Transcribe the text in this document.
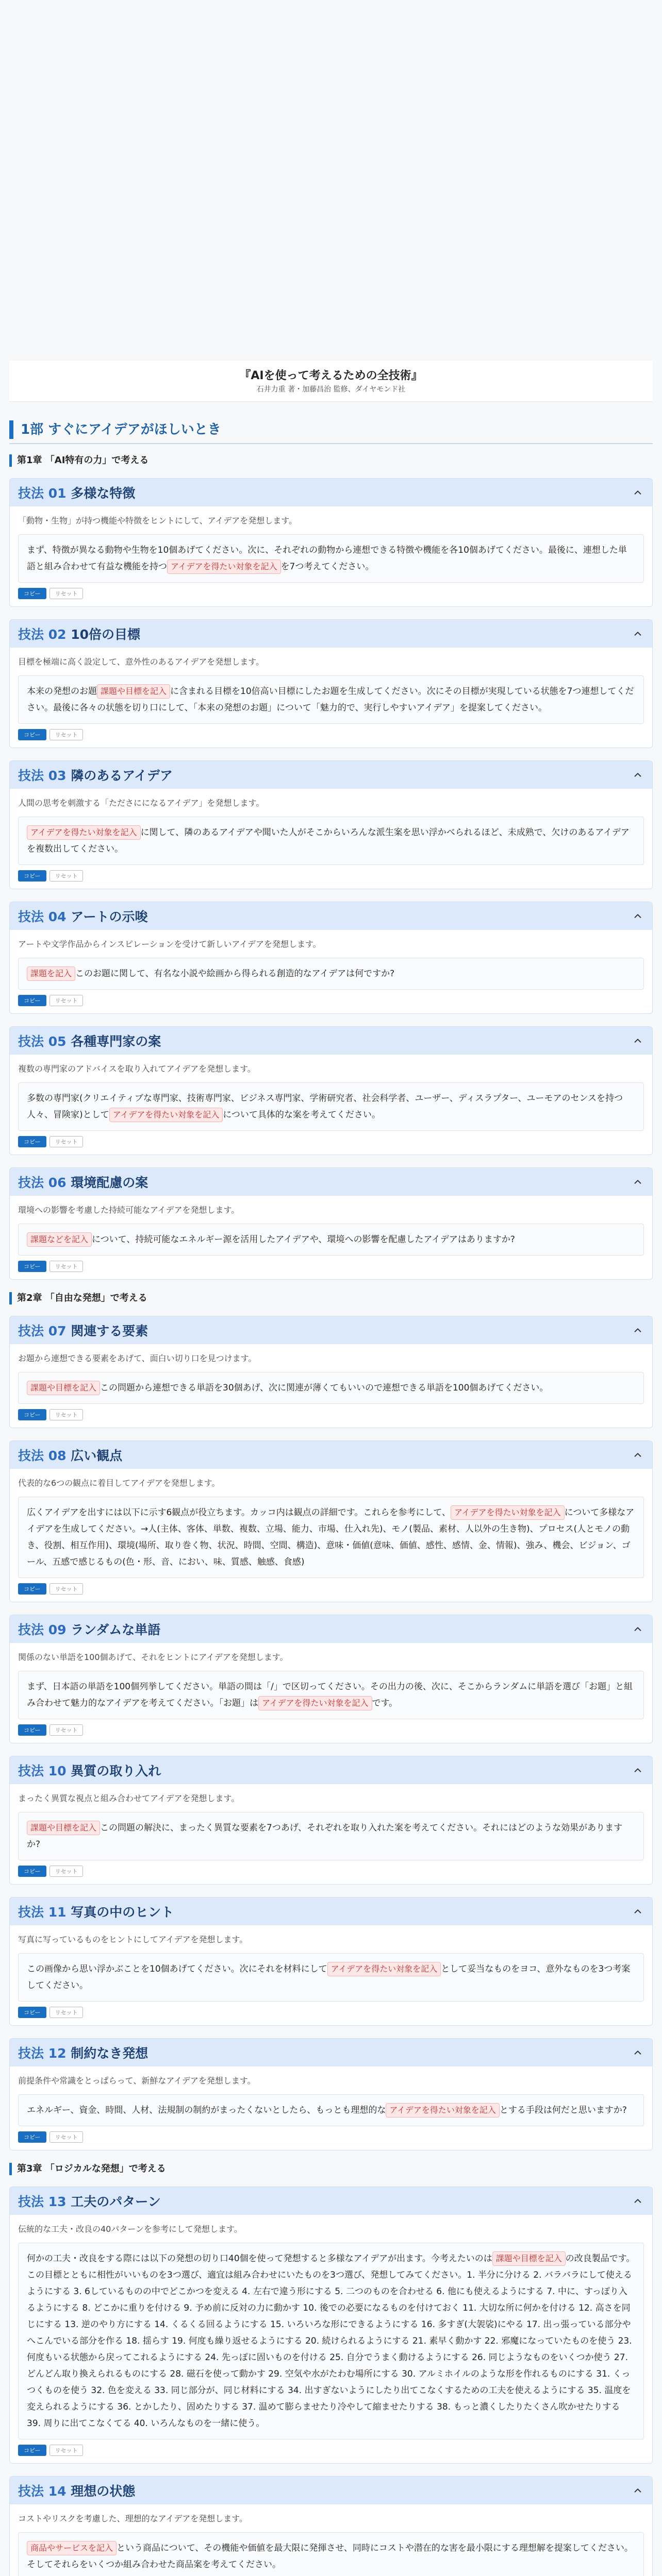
『AIを使って考えるための全技術』
石井力重 著・加藤昌治 監修、ダイヤモンド社
1部 すぐにアイデアがほしいとき
第1章 「AI特有の力」で考える
技法 01 多様な特徴

「動物・生物」が持つ機能や特徴をヒントにして、アイデアを発想します。

まず、特徴が異なる動物や生物を10個あげてください。次に、それぞれの動物から連想できる特徴や機能を各10個あげてください。最後に、連想した単語と組み合わせて有益な機能を持つ アイデアを得たい対象を記入 を7つ考えてください。
コピー	リセット
技法 02 10倍の目標

目標を極端に高く設定して、意外性のあるアイデアを発想します。

本来の発想のお題 課題や目標を記入 に含まれる目標を10倍高い目標にしたお題を生成してください。次にその目標が実現している状態を7つ連想してください。最後に各々の状態を切り口にして、「本来の発想のお題」について「魅力的で、実行しやすいアイデア」を提案してください。
コピー	リセット
技法 03 隣のあるアイデア

人間の思考を刺激する「たださにになるアイデア」を発想します。

アイデアを得たい対象を記入 に関して、隣のあるアイデアや聞いた人がそこからいろんな派生案を思い浮かべられるほど、未成熟で、欠けのあるアイデアを複数出してください。
コピー	リセット
技法 04 アートの示唆

アートや文学作品からインスピレーションを受けて新しいアイデアを発想します。

課題を記入 このお題に関して、有名な小説や絵画から得られる創造的なアイデアは何ですか?
コピー	リセット
技法 05 各種専門家の案

複数の専門家のアドバイスを取り入れてアイデアを発想します。

多数の専門家(クリエイティブな専門家、技術専門家、ビジネス専門家、学術研究者、社会科学者、ユーザー、ディスラプター、ユーモアのセンスを持つ人々、冒険家)として アイデアを得たい対象を記入 について具体的な案を考えてください。
コピー	リセット
技法 06 環境配慮の案

環境への影響を考慮した持続可能なアイデアを発想します。

課題などを記入 について、持続可能なエネルギー源を活用したアイデアや、環境への影響を配慮したアイデアはありますか?
コピー	リセット
第2章 「自由な発想」で考える
技法 07 関連する要素

お題から連想できる要素をあげて、面白い切り口を見つけます。

課題や目標を記入 この問題から連想できる単語を30個あげ、次に関連が薄くてもいいので連想できる単語を100個あげてください。
コピー	リセット
技法 08 広い観点

代表的な6つの観点に着目してアイデアを発想します。

広くアイデアを出すには以下に示す6観点が役立ちます。カッコ内は観点の詳細です。これらを参考にして、 アイデアを得たい対象を記入 について多様なアイデアを生成してください。→人(主体、客体、単数、複数、立場、能力、市場、仕入れ先)、モノ(製品、素材、人以外の生き物)、プロセス(人とモノの動き、役割、相互作用)、環境(場所、取り巻く物、状況、時間、空間、構造)、意味・価値(意味、価値、感性、感情、金、情報)、強み、機会、ビジョン、ゴール、五感で感じるもの(色・形、音、におい、味、質感、触感、食感)
コピー	リセット
技法 09 ランダムな単語

関係のない単語を100個あげて、それをヒントにアイデアを発想します。

まず、日本語の単語を100個列挙してください。単語の間は「/」で区切ってください。その出力の後、次に、そこからランダムに単語を選び「お題」と組み合わせて魅力的なアイデアを考えてください。「お題」は アイデアを得たい対象を記入 です。
コピー	リセット
技法 10 異質の取り入れ

まったく異質な視点と組み合わせてアイデアを発想します。

課題や目標を記入 この問題の解決に、まったく異質な要素を7つあげ、それぞれを取り入れた案を考えてください。それにはどのような効果がありますか?
コピー	リセット
技法 11 写真の中のヒント

写真に写っているものをヒントにしてアイデアを発想します。

この画像から思い浮かぶことを10個あげてください。次にそれを材料にして アイデアを得たい対象を記入 として妥当なものをヨコ、意外なものを3つ考案してください。
コピー	リセット
技法 12 制約なき発想

前提条件や常識をとっぱらって、新鮮なアイデアを発想します。

エネルギー、資金、時間、人材、法規制の制約がまったくないとしたら、もっとも理想的な アイデアを得たい対象を記入 とする手段は何だと思いますか?
コピー	リセット
第3章 「ロジカルな発想」で考える
技法 13 工夫のパターン

伝統的な工夫・改良の40パターンを参考にして発想します。

何かの工夫・改良をする際には以下の発想の切り口40個を使って発想すると多様なアイデアが出ます。今考えたいのは 課題や目標を記入 の改良製品です。この目標とともに相性がいいものを3つ選び、適宜は組み合わせにいたものを3つ選び、発想してみてください。1. 半分に分ける 2. バラバラにして使えるようにする 3. 6しているものの中でどこかつを変える 4. 左右で違う形にする 5. 二つのものを合わせる 6. 他にも使えるようにする 7. 中に、すっぽり入るようにする 8. どこかに重りを付ける 9. 予め前に反対の力に動かす 10. 後での必要になるものを付けておく 11. 大切な所に何かを付ける 12. 高さを同じにする 13. 逆のやり方にする 14. くるくる回るようにする 15. いろいろな形にできるようにする 16. 多すぎ(大袈裟)にやる 17. 出っ張っている部分やへこんでいる部分を作る 18. 揺らす 19. 何度も繰り返せるようにする 20. 続けられるようにする 21. 素早く動かす 22. 邪魔になっていたものを使う 23. 何度もいる状態から戻ってこれるようにする 24. 先っぽに固いものを付ける 25. 自分でうまく動けるようにする 26. 同じようなものをいくつか使う 27. どんどん取り換えられるものにする 28. 磁石を使って動かす 29. 空気や水がたわむ場所にする 30. アルミホイルのような形を作れるものにする 31. くっつくものを使う 32. 色を変える 33. 同じ部分が、同じ材料にする 34. 出すぎないようにしたり出てこなくするための工夫を使えるようにする 35. 温度を変えられるようにする 36. とかしたり、固めたりする 37. 温めて膨らませたり冷やして縮ませたりする 38. もっと濃くしたりたくさん吹かせたりする 39. 周りに出てこなくてる 40. いろんなものを一緒に使う。
コピー	リセット
技法 14 理想の状態

コストやリスクを考慮した、理想的なアイデアを発想します。

商品やサービスを記入 という商品について、その機能や価値を最大限に発揮させ、同時にコストや潜在的な害を最小限にする理想解を提案してください。そしてそれらをいくつか組み合わせた商品案を考えてください。
